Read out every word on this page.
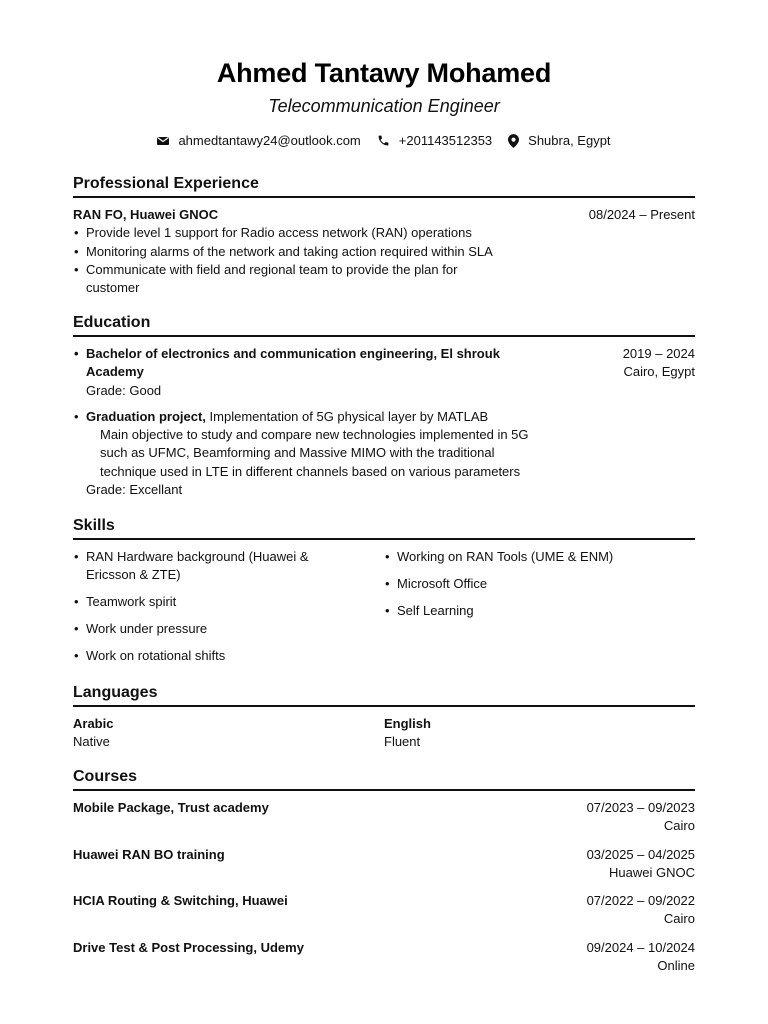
Ahmed Tantawy Mohamed
Telecommunication Engineer
ahmedtantawy24@outlook.com	+201143512353	Shubra, Egypt
Professional Experience
RAN FO, Huawei GNOC	08/2024 – Present
• Provide level 1 support for Radio access network (RAN) operations
• Monitoring alarms of the network and taking action required within SLA
• Communicate with field and regional team to provide the plan for customer
Education
• Bachelor of electronics and communication engineering, El shrouk Academy
Grade: Good
2019 – 2024
Cairo, Egypt
• Graduation project, Implementation of 5G physical layer by MATLAB
Main objective to study and compare new technologies implemented in 5G such as UFMC, Beamforming and Massive MIMO with the traditional technique used in LTE in different channels based on various parameters
Grade: Excellant
Skills
• RAN Hardware background (Huawei & Ericsson & ZTE)
• Teamwork spirit
• Work under pressure
• Work on rotational shifts
• Working on RAN Tools (UME & ENM)
• Microsoft Office
• Self Learning
Languages
Arabic
Native
English
Fluent
Courses
Mobile Package, Trust academy	07/2023 – 09/2023
Cairo
Huawei RAN BO training	03/2025 – 04/2025
Huawei GNOC
HCIA Routing & Switching, Huawei	07/2022 – 09/2022
Cairo
Drive Test & Post Processing, Udemy	09/2024 – 10/2024
Online
